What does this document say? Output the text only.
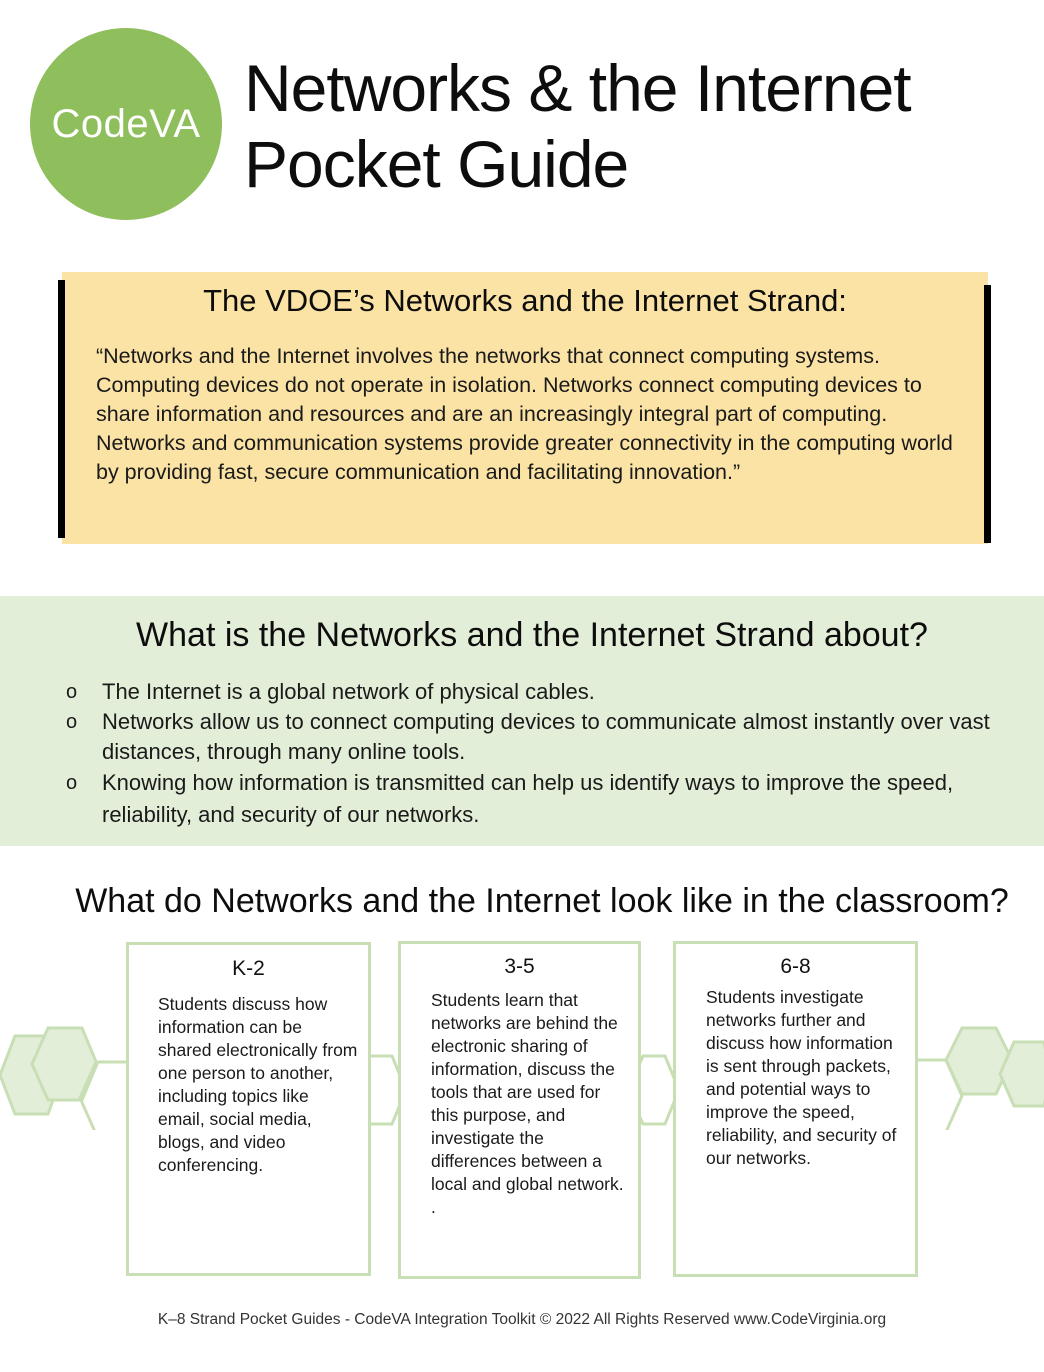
CodeVA Networks & the Internet
Pocket Guide
The VDOE’s Networks and the Internet Strand:

“Networks and the Internet involves the networks that connect computing systems. Computing devices do not operate in isolation. Networks connect computing devices to share information and resources and are an increasingly integral part of computing. Networks and communication systems provide greater connectivity in the computing world by providing fast, secure communication and facilitating innovation.”

What is the Networks and the Internet Strand about?
o The Internet is a global network of physical cables.
o Networks allow us to connect computing devices to communicate almost instantly over vast distances, through many online tools.
o Knowing how information is transmitted can help us identify ways to improve the speed, reliability, and security of our networks.
What do Networks and the Internet look like in the classroom?
K-2

Students discuss how information can be shared electronically from one person to another, including topics like email, social media, blogs, and video conferencing.

3-5

Students learn that networks are behind the electronic sharing of information, discuss the tools that are used for this purpose, and investigate the differences between a local and global network. .

6-8

Students investigate networks further and discuss how information is sent through packets, and potential ways to improve the speed, reliability, and security of our networks.

K–8 Strand Pocket Guides - CodeVA Integration Toolkit © 2022 All Rights Reserved www.CodeVirginia.org
